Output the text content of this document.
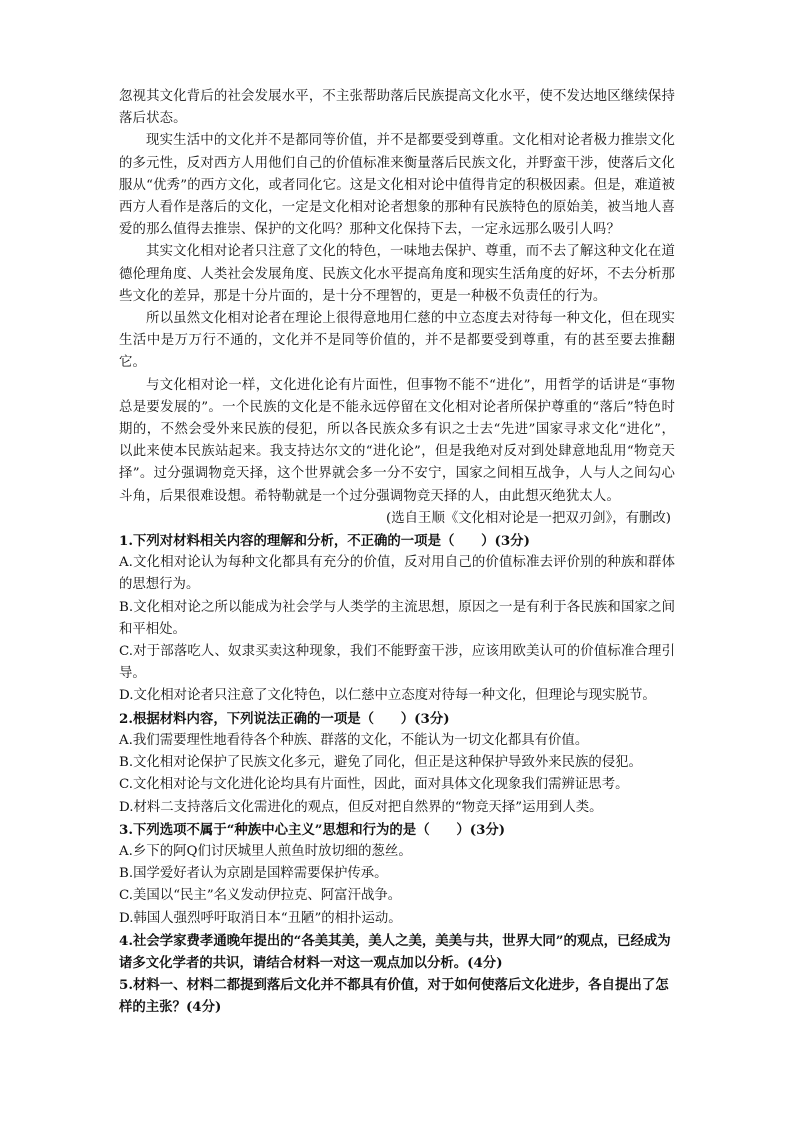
忽视其文化背后的社会发展水平，不主张帮助落后民族提高文化水平，使不发达地区继续保持落后状态。

现实生活中的文化并不是都同等价值，并不是都要受到尊重。文化相对论者极力推崇文化的多元性，反对西方人用他们自己的价值标准来衡量落后民族文化，并野蛮干涉，使落后文化服从“优秀”的西方文化，或者同化它。这是文化相对论中值得肯定的积极因素。但是，难道被西方人看作是落后的文化，一定是文化相对论者想象的那种有民族特色的原始美，被当地人喜爱的那么值得去推崇、保护的文化吗？那种文化保持下去，一定永远那么吸引人吗？

其实文化相对论者只注意了文化的特色，一味地去保护、尊重，而不去了解这种文化在道德伦理角度、人类社会发展角度、民族文化水平提高角度和现实生活角度的好坏，不去分析那些文化的差异，那是十分片面的，是十分不理智的，更是一种极不负责任的行为。

所以虽然文化相对论者在理论上很得意地用仁慈的中立态度去对待每一种文化，但在现实生活中是万万行不通的，文化并不是同等价值的，并不是都要受到尊重，有的甚至要去推翻它。

与文化相对论一样，文化进化论有片面性，但事物不能不“进化”，用哲学的话讲是“事物总是要发展的”。一个民族的文化是不能永远停留在文化相对论者所保护尊重的“落后”特色时期的，不然会受外来民族的侵犯，所以各民族众多有识之士去“先进”国家寻求文化“进化”，以此来使本民族站起来。我支持达尔文的“进化论”，但是我绝对反对到处肆意地乱用“物竞天择”。过分强调物竞天择，这个世界就会多一分不安宁，国家之间相互战争，人与人之间勾心斗角，后果很难设想。希特勒就是一个过分强调物竞天择的人，由此想灭绝犹太人。

(选自王顺《文化相对论是一把双刃剑》，有删改)

1.下列对材料相关内容的理解和分析，不正确的一项是（　　）(3分)

A.文化相对论认为每种文化都具有充分的价值，反对用自己的价值标准去评价别的种族和群体的思想行为。

B.文化相对论之所以能成为社会学与人类学的主流思想，原因之一是有利于各民族和国家之间和平相处。

C.对于部落吃人、奴隶买卖这种现象，我们不能野蛮干涉，应该用欧美认可的价值标准合理引导。

D.文化相对论者只注意了文化特色，以仁慈中立态度对待每一种文化，但理论与现实脱节。

2.根据材料内容，下列说法正确的一项是（　　）(3分)

A.我们需要理性地看待各个种族、群落的文化，不能认为一切文化都具有价值。

B.文化相对论保护了民族文化多元，避免了同化，但正是这种保护导致外来民族的侵犯。

C.文化相对论与文化进化论均具有片面性，因此，面对具体文化现象我们需辨证思考。

D.材料二支持落后文化需进化的观点，但反对把自然界的“物竞天择”运用到人类。

3.下列选项不属于“种族中心主义”思想和行为的是（　　）(3分)

A.乡下的阿Q们讨厌城里人煎鱼时放切细的葱丝。

B.国学爱好者认为京剧是国粹需要保护传承。

C.美国以“民主”名义发动伊拉克、阿富汗战争。

D.韩国人强烈呼吁取消日本“丑陋”的相扑运动。

4.社会学家费孝通晚年提出的“各美其美，美人之美，美美与共，世界大同”的观点，已经成为诸多文化学者的共识，请结合材料一对这一观点加以分析。(4分)

5.材料一、材料二都提到落后文化并不都具有价值，对于如何使落后文化进步，各自提出了怎样的主张？(4分)
